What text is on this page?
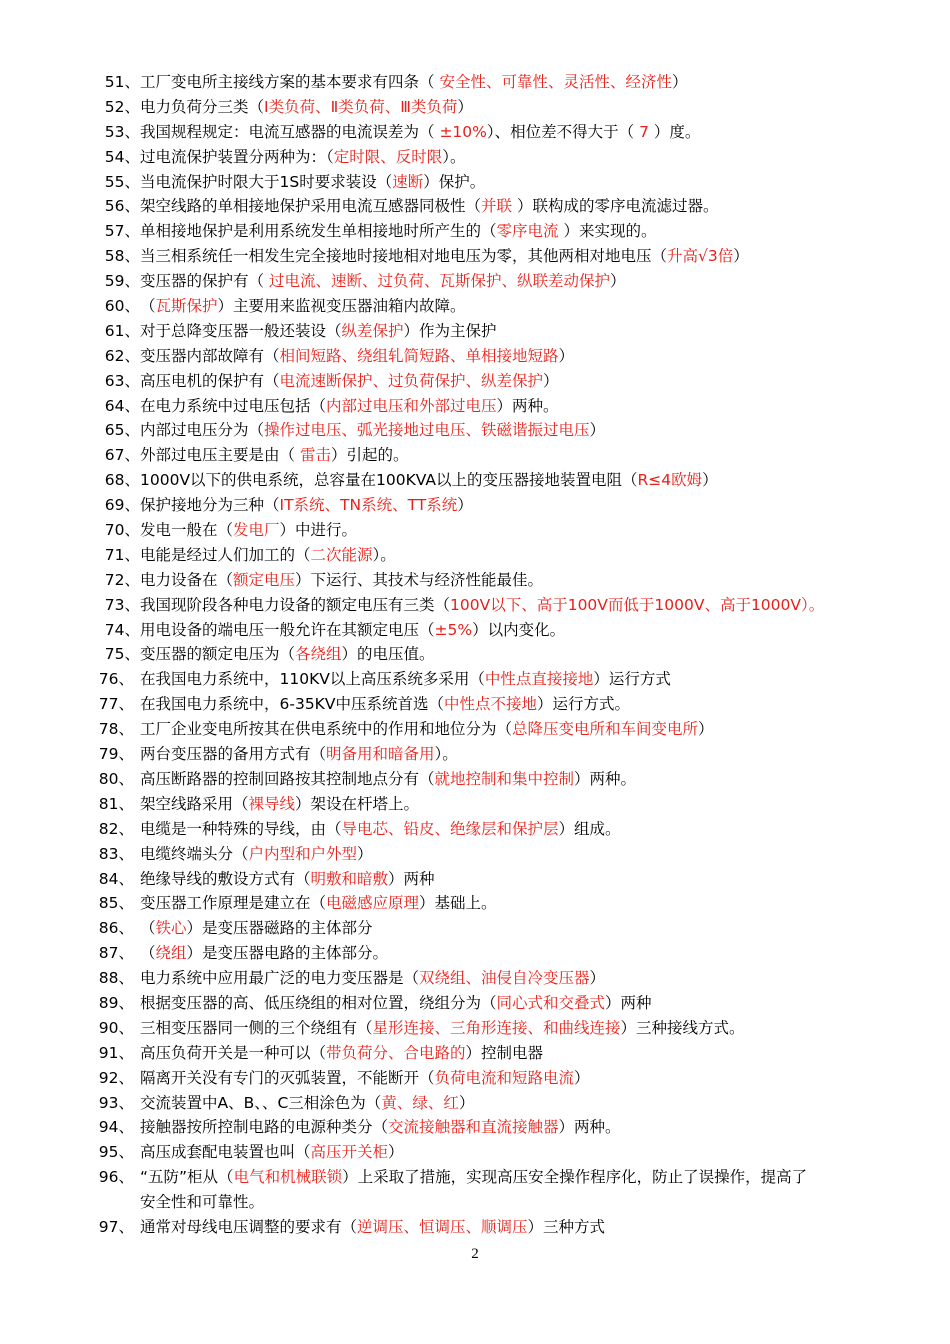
51、 工厂变电所主接线方案的基本要求有四条（ 安全性、可靠性、灵活性、经济性）
52、 电力负荷分三类（Ⅰ类负荷、Ⅱ类负荷、Ⅲ类负荷）
53、 我国规程规定：电流互感器的电流误差为（ ±10%）、相位差不得大于（ 7 ）度。
54、 过电流保护装置分两种为：（定时限、反时限）。
55、 当电流保护时限大于1S时要求装设（速断）保护。
56、 架空线路的单相接地保护采用电流互感器同极性（并联 ）联构成的零序电流滤过器。
57、 单相接地保护是利用系统发生单相接地时所产生的（零序电流 ）来实现的。
58、 当三相系统任一相发生完全接地时接地相对地电压为零，其他两相对地电压（升高√3倍）
59、 变压器的保护有（ 过电流、速断、过负荷、瓦斯保护、纵联差动保护）
60、 （瓦斯保护）主要用来监视变压器油箱内故障。
61、 对于总降变压器一般还装设（纵差保护）作为主保护
62、 变压器内部故障有（相间短路、绕组轧简短路、单相接地短路）
63、 高压电机的保护有（电流速断保护、过负荷保护、纵差保护）
64、 在电力系统中过电压包括（内部过电压和外部过电压）两种。
65、 内部过电压分为（操作过电压、弧光接地过电压、铁磁谐振过电压）
67、 外部过电压主要是由（ 雷击）引起的。
68、 1000V以下的供电系统，总容量在100KVA以上的变压器接地装置电阻（R≤4欧姆）
69、 保护接地分为三种（IT系统、TN系统、TT系统）
70、 发电一般在（发电厂）中进行。
71、 电能是经过人们加工的（二次能源）。
72、 电力设备在（额定电压）下运行、其技术与经济性能最佳。
73、 我国现阶段各种电力设备的额定电压有三类（100V以下、高于100V而低于1000V、高于1000V）。
74、 用电设备的端电压一般允许在其额定电压（±5%）以内变化。
75、 变压器的额定电压为（各绕组）的电压值。
76、 在我国电力系统中，110KV以上高压系统多采用（中性点直接接地）运行方式
77、 在我国电力系统中，6-35KV中压系统首选（中性点不接地）运行方式。
78、 工厂企业变电所按其在供电系统中的作用和地位分为（总降压变电所和车间变电所）
79、 两台变压器的备用方式有（明备用和暗备用）。
80、 高压断路器的控制回路按其控制地点分有（就地控制和集中控制）两种。
81、 架空线路采用（裸导线）架设在杆塔上。
82、 电缆是一种特殊的导线，由（导电芯、铅皮、绝缘层和保护层）组成。
83、 电缆终端头分（户内型和户外型）
84、 绝缘导线的敷设方式有（明敷和暗敷）两种
85、 变压器工作原理是建立在（电磁感应原理）基础上。
86、 （铁心）是变压器磁路的主体部分
87、 （绕组）是变压器电路的主体部分。
88、 电力系统中应用最广泛的电力变压器是（双绕组、油侵自冷变压器）
89、 根据变压器的高、低压绕组的相对位置，绕组分为（同心式和交叠式）两种
90、 三相变压器同一侧的三个绕组有（星形连接、三角形连接、和曲线连接）三种接线方式。
91、 高压负荷开关是一种可以（带负荷分、合电路的）控制电器
92、 隔离开关没有专门的灭弧装置，不能断开（负荷电流和短路电流）
93、 交流装置中A、B、、C三相涂色为（黄、绿、红）
94、 接触器按所控制电路的电源种类分（交流接触器和直流接触器）两种。
95、 高压成套配电装置也叫（高压开关柜）
96、 “五防”柜从（电气和机械联锁）上采取了措施，实现高压安全操作程序化，防止了误操作，提高了
安全性和可靠性。
97、 通常对母线电压调整的要求有（逆调压、恒调压、顺调压）三种方式
2
